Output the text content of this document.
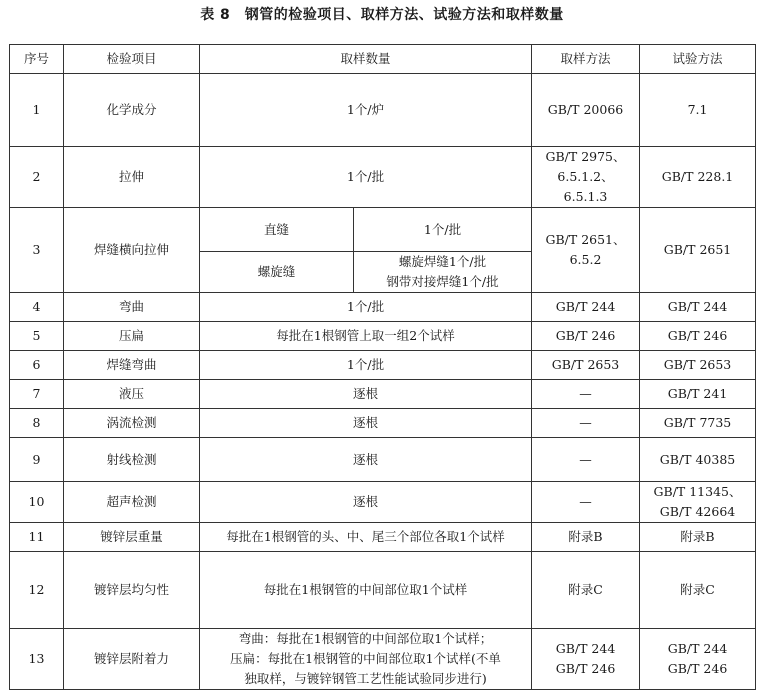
表 8　钢管的检验项目、取样方法、试验方法和取样数量
序号	检验项目	取样数量		取样方法	试验方法
1	化学成分	1个/炉		GB/T 20066	7.1

2	拉伸	1个/批		GB/T 2975、
6.5.1.2、
6.5.1.3	GB/T 228.1

3	焊缝横向拉伸	直缝	1个/批	GB/T 2651、
6.5.2	GB/T 2651

		螺旋缝	螺旋焊缝1个/批
钢带对接焊缝1个/批		

4	弯曲	1个/批		GB/T 244	GB/T 244

5	压扁	每批在1根钢管上取一组2个试样		GB/T 246	GB/T 246

6	焊缝弯曲	1个/批		GB/T 2653	GB/T 2653

7	液压	逐根		—	GB/T 241

8	涡流检测	逐根		—	GB/T 7735

9	射线检测	逐根		—	GB/T 40385

10	超声检测	逐根		—	GB/T 11345、
GB/T 42664

11	镀锌层重量	每批在1根钢管的头、中、尾三个部位各取1个试样		附录B	附录B

12	镀锌层均匀性	每批在1根钢管的中间部位取1个试样		附录C	附录C

13	镀锌层附着力	弯曲：每批在1根钢管的中间部位取1个试样；
压扁：每批在1根钢管的中间部位取1个试样(不单
独取样，与镀锌钢管工艺性能试验同步进行)		GB/T 244
GB/T 246	GB/T 244
GB/T 246
